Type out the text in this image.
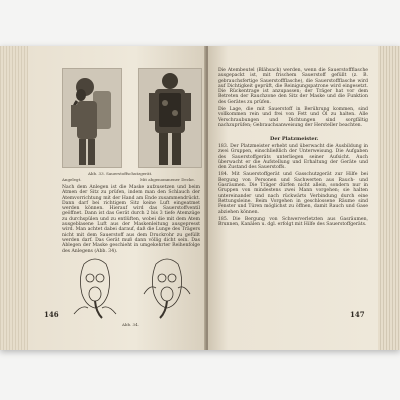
Abb. 33. Sauerstoffschutzgerät.
Angelegt.	Mit abgenommener Decke.

Nach dem Anlegen ist die Maske aufzusetzen und beim Atmen der Sitz zu prüfen, indem man den Schlauch der Atemvorrichtung mit der Hand am Ende zusammendrückt. Dann darf bei richtigem Sitz keine Luft eingeatmet werden können. Hierauf wird das Sauerstoffventil geöffnet. Dann ist das Gerät durch 2 bis 3 tiefe Atemzüge zu durchspülen und zu entlüften, wobei die mit dem Atem ausgeblasene Luft aus der Maskenleitung ausgepresst wird. Man achtet dabei darauf, daß die Lunge des Trägers nicht mit dem Sauerstoff aus dem Druckrohr zu gefüllt werden darf. Das Gerät muß dann völlig dicht sein. Das Ablegen der Maske geschieht in umgekehrter Reihenfolge des Anlegens (Abb. 34).

Abb. 34.
146

Die Atembeutel (Blähsack) werden, wenn die Sauerstoffflasche ausgepackt ist, mit frischem Sauerstoff gefüllt (z. B. gebrauchsfertige Sauerstoffflasche), die Sauerstoffflasche wird auf Dichtigkeit geprüft, die Reinigungspatrone wird eingesetzt. Die Rückentrage ist anzupassen; der Träger hat vor dem Betreten der Rauchzone den Sitz der Maske und die Funktion des Gerätes zu prüfen.

Die Lage, die mit Sauerstoff in Berührung kommen, sind vollkommen rein und frei von Fett und Öl zu halten. Alle Verschraubungen und Dichtungen sind sorgfältig nachzuprüfen; Gebrauchsanweisung der Hersteller beachten.

Der Platzmeister.

183. Der Platzmeister erhebt und überwacht die Ausbildung in zwei Gruppen, einschließlich der Unterweisung. Die Aufgaben des Sauerstoffgeräts unterliegen seiner Aufsicht. Auch überwacht er die Aufstellung und Erhaltung der Geräte und den Zustand des Sauerstoffs.

184. Mit Sauerstoffgerät und Gasschutzgerät zur Hilfe bei Bergung von Personen und Sachwerten aus Rauch- und Gasräumen. Die Träger dürfen nicht allein, sondern nur in Gruppen von mindestens zwei Mann vorgehen; sie halten untereinander und nach rückwärts Verbindung durch eine Rettungsleine. Beim Vorgehen in geschlossene Räume sind Fenster und Türen möglichst zu öffnen, damit Rauch und Gase abziehen können.

185. Die Bergung von Schwerverletzten aus Gasräumen, Brunnen, Kanälen u. dgl. erfolgt mit Hilfe des Sauerstoffgeräts.

147
